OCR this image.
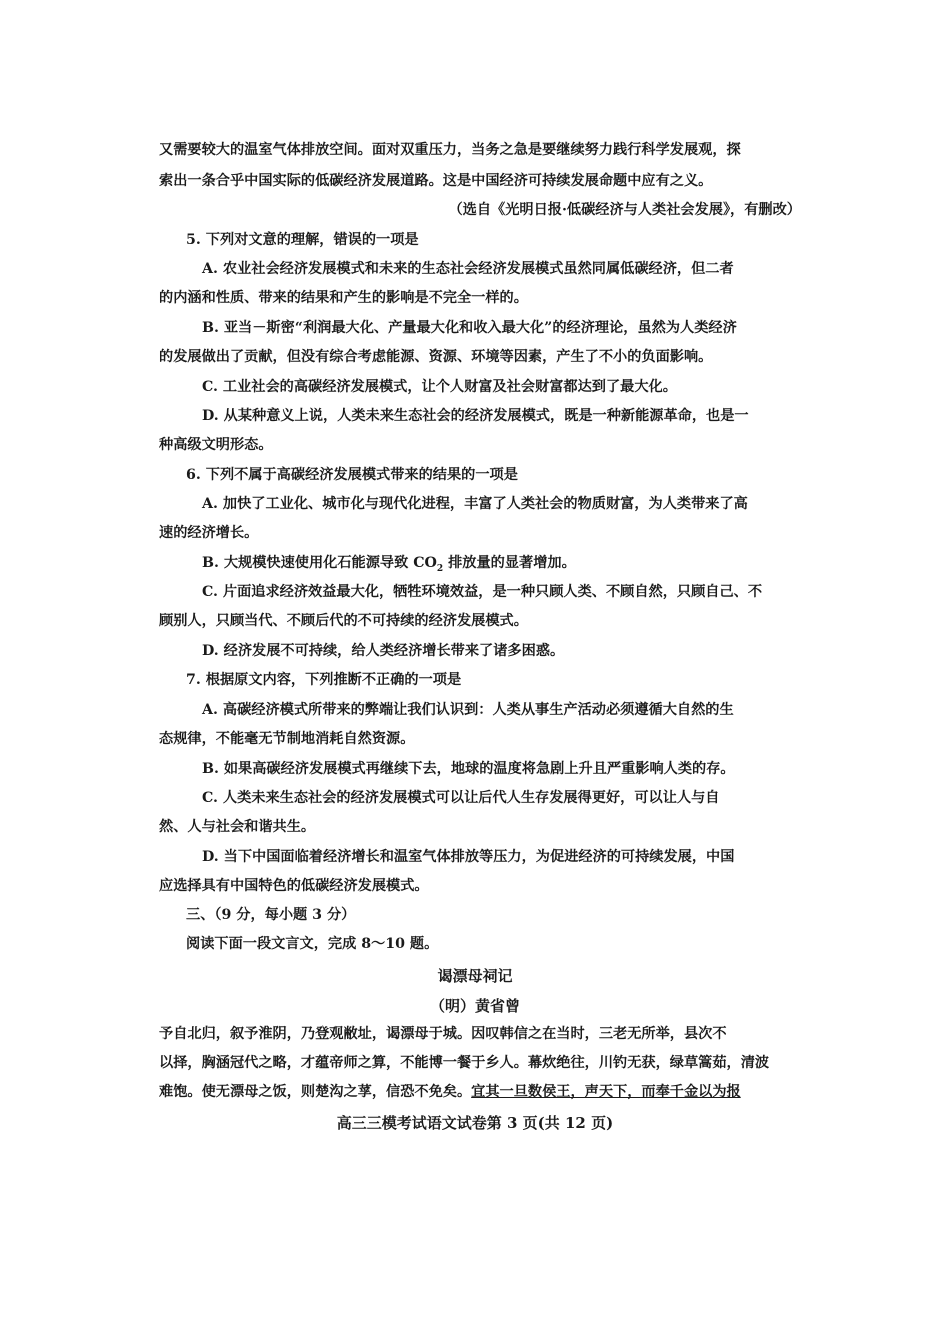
又需要较大的温室气体排放空间。面对双重压力，当务之急是要继续努力践行科学发展观，探
索出一条合乎中国实际的低碳经济发展道路。这是中国经济可持续发展命题中应有之义。
（选自《光明日报·低碳经济与人类社会发展》，有删改）
5. 下列对文意的理解，错误的一项是
A. 农业社会经济发展模式和未来的生态社会经济发展模式虽然同属低碳经济，但二者
的内涵和性质、带来的结果和产生的影响是不完全一样的。
B. 亚当－斯密“利润最大化、产量最大化和收入最大化”的经济理论，虽然为人类经济
的发展做出了贡献，但没有综合考虑能源、资源、环境等因素，产生了不小的负面影响。
C. 工业社会的高碳经济发展模式，让个人财富及社会财富都达到了最大化。
D. 从某种意义上说，人类未来生态社会的经济发展模式，既是一种新能源革命，也是一
种高级文明形态。
6. 下列不属于高碳经济发展模式带来的结果的一项是
A. 加快了工业化、城市化与现代化进程，丰富了人类社会的物质财富，为人类带来了高
速的经济增长。
B. 大规模快速使用化石能源导致 $CO_2$ 排放量的显著增加。
C. 片面追求经济效益最大化，牺牲环境效益，是一种只顾人类、不顾自然，只顾自己、不
顾别人，只顾当代、不顾后代的不可持续的经济发展模式。
D. 经济发展不可持续，给人类经济增长带来了诸多困惑。
7. 根据原文内容，下列推断不正确的一项是
A. 高碳经济模式所带来的弊端让我们认识到：人类从事生产活动必须遵循大自然的生
态规律，不能毫无节制地消耗自然资源。
B. 如果高碳经济发展模式再继续下去，地球的温度将急剧上升且严重影响人类的存。
C. 人类未来生态社会的经济发展模式可以让后代人生存发展得更好，可以让人与自
然、人与社会和谐共生。
D. 当下中国面临着经济增长和温室气体排放等压力，为促进经济的可持续发展，中国
应选择具有中国特色的低碳经济发展模式。
三、（9 分，每小题 3 分）
阅读下面一段文言文，完成 8～10 题。
谒漂母祠记
（明）黄省曾
予自北归，叙予淮阴，乃登观敝址，谒漂母于城。因叹韩信之在当时，三老无所举，县次不
以择，胸涵冠代之略，才蕴帝师之算，不能博一餐于乡人。幕炊绝往，川钓无获，绿草篙茹，清波
难饱。使无漂母之饭，则楚沟之莩，信恐不免矣。宜其一旦数侯王，声天下，而奉千金以为报
高三三模考试语文试卷第 3 页(共 12 页)
